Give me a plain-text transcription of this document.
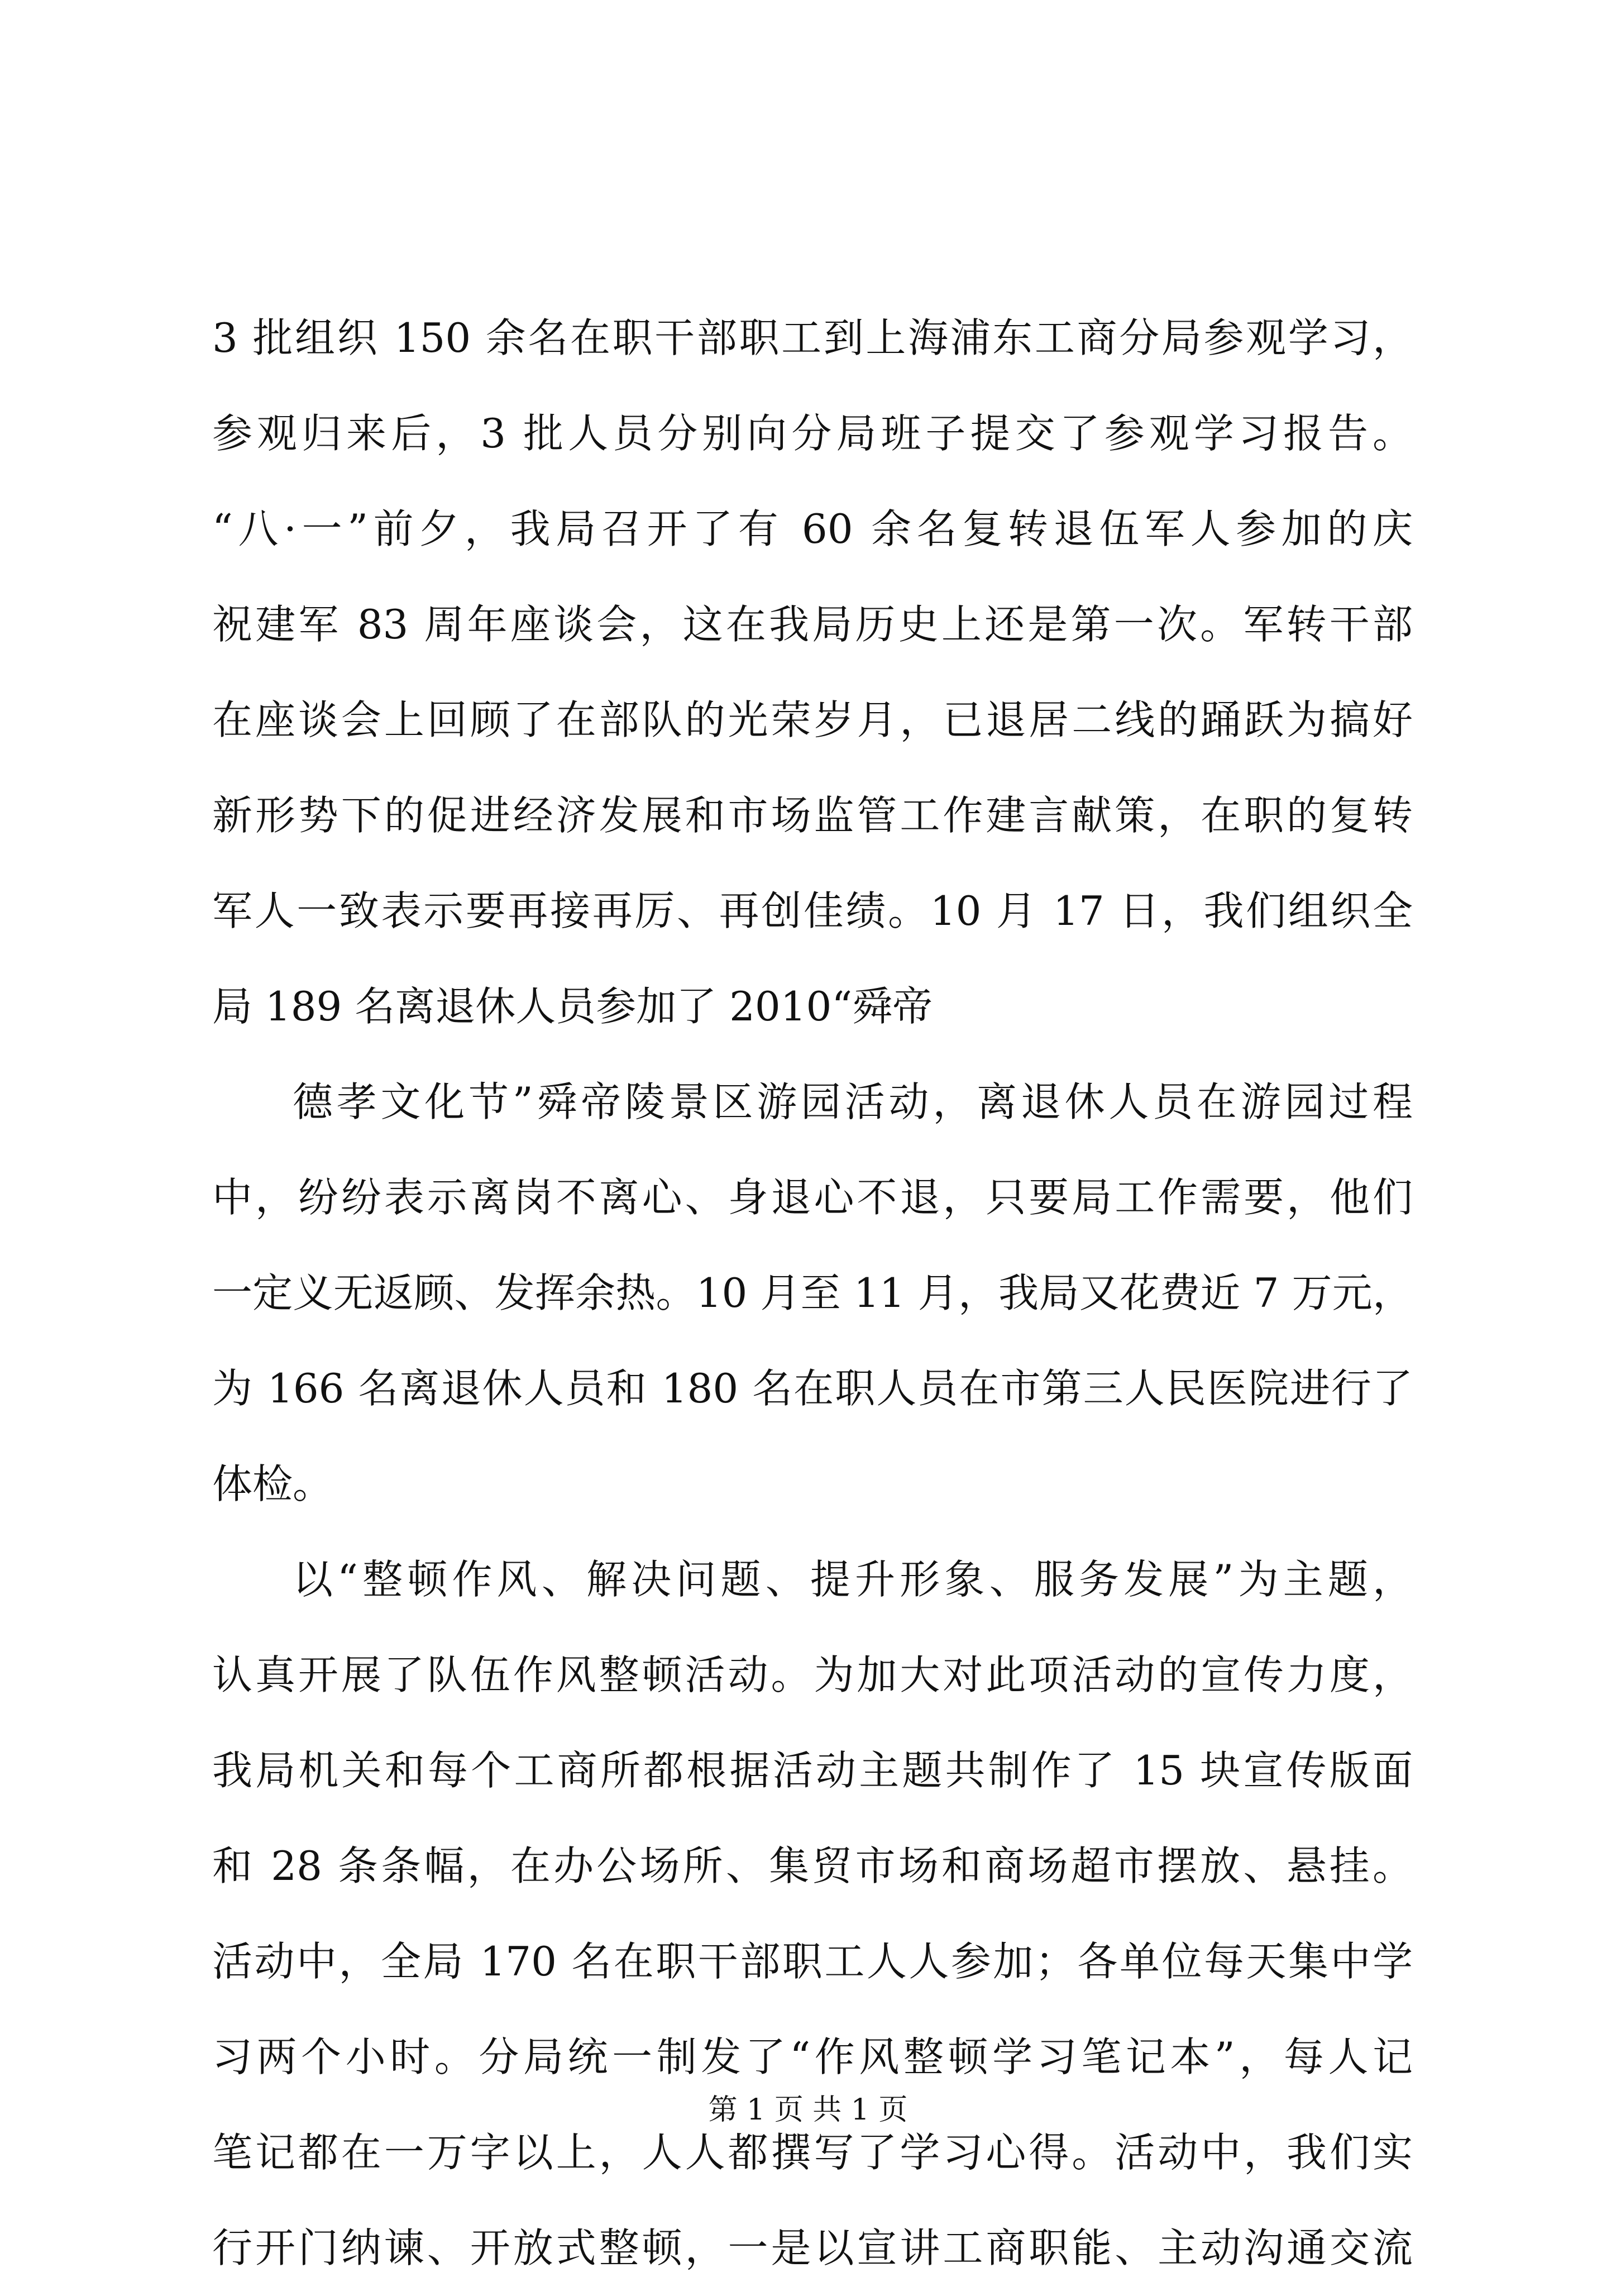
3 批组织 150 余名在职干部职工到上海浦东工商分局参观学习，
参观归来后，3 批人员分别向分局班子提交了参观学习报告。
“八·一”前夕，我局召开了有 60 余名复转退伍军人参加的庆
祝建军 83 周年座谈会，这在我局历史上还是第一次。军转干部
在座谈会上回顾了在部队的光荣岁月，已退居二线的踊跃为搞好
新形势下的促进经济发展和市场监管工作建言献策，在职的复转
军人一致表示要再接再厉、再创佳绩。10 月 17 日，我们组织全
局 189 名离退休人员参加了 2010“舜帝
德孝文化节”舜帝陵景区游园活动，离退休人员在游园过程
中，纷纷表示离岗不离心、身退心不退，只要局工作需要，他们
一定义无返顾、发挥余热。10 月至 11 月，我局又花费近 7 万元，
为 166 名离退休人员和 180 名在职人员在市第三人民医院进行了
体检。
以“整顿作风、解决问题、提升形象、服务发展”为主题，
认真开展了队伍作风整顿活动。为加大对此项活动的宣传力度，
我局机关和每个工商所都根据活动主题共制作了 15 块宣传版面
和 28 条条幅，在办公场所、集贸市场和商场超市摆放、悬挂。
活动中，全局 170 名在职干部职工人人参加；各单位每天集中学
习两个小时。分局统一制发了“作风整顿学习笔记本”，每人记
笔记都在一万字以上，人人都撰写了学习心得。活动中，我们实
行开门纳谏、开放式整顿，一是以宣讲工商职能、主动沟通交流
第 1 页 共 1 页
